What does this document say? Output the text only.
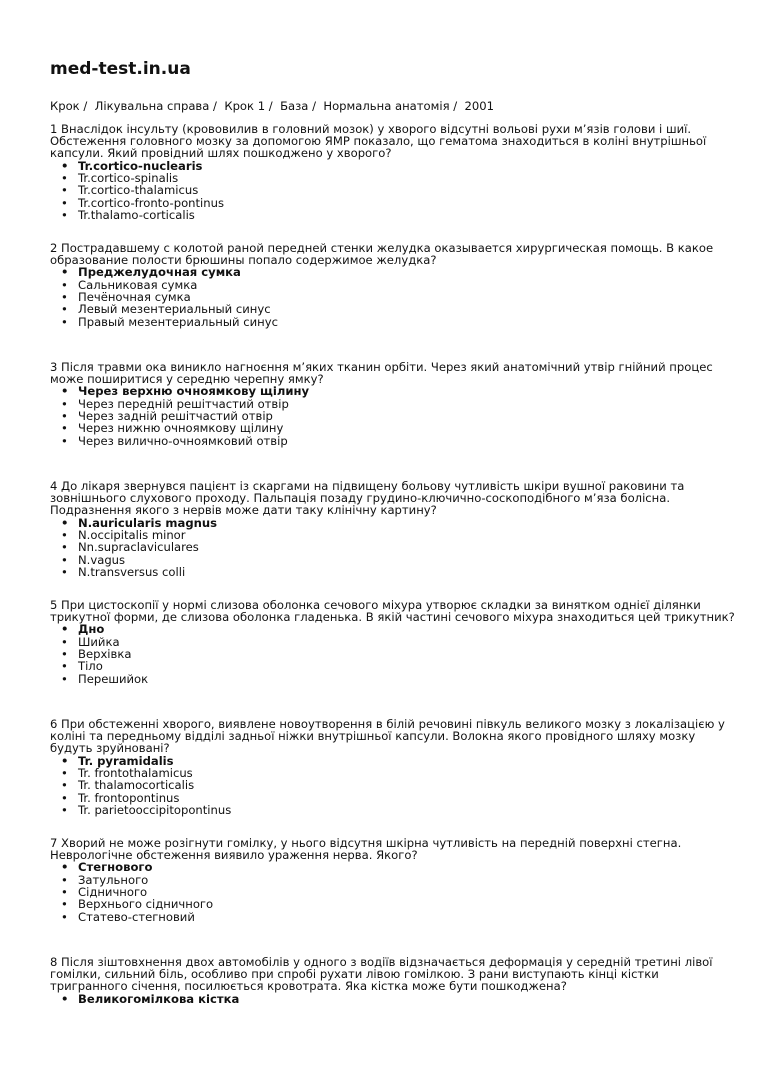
med-test.in.ua
Крок /  Лікувальна справа /  Крок 1 /  База /  Нормальна анатомія /  2001

1 Внаслідок інсульту (крововилив в головний мозок) у хворого відсутні вольові рухи м’язів голови і шиї. Обстеження головного мозку за допомогою ЯМР показало, що гематома знаходиться в коліні внутрішньої капсули. Який провідний шлях пошкоджено у хворого?

• Tr.cortico-nuclearis
• Tr.cortico-spinalis
• Tr.cortico-thalamicus
• Tr.cortico-fronto-pontinus
• Tr.thalamo-corticalis

2 Пострадавшему с колотой раной передней стенки желудка оказывается хирургическая помощь. В какое образование полости брюшины попало содержимое желудка?

• Преджелудочная сумка
• Сальниковая сумка
• Печёночная сумка
• Левый мезентериальный синус
• Правый мезентериальный синус

3 Після травми ока виникло нагноєння м’яких тканин орбіти. Через який анатомічний утвір гнійний процес може поширитися у середню черепну ямку?

• Через верхню очноямкову щілину
• Через передній решітчастий отвір
• Через задній решітчастий отвір
• Через нижню очноямкову щілину
• Через вилично-очноямковий отвір

4 До лікаря звернувся пацієнт із скаргами на підвищену больову чутливість шкіри вушної раковини та зовнішнього слухового проходу. Пальпація позаду грудино-ключично-соскоподібного м’яза болісна. Подразнення якого з нервів може дати таку клінічну картину?

• N.auricularis magnus
• N.occipitalis minor
• Nn.supraclaviculares
• N.vagus
• N.transversus colli

5 При цистоскопії у нормі слизова оболонка сечового міхура утворює складки за винятком однієї ділянки трикутної форми, де слизова оболонка гладенька. В якій частині сечового міхура знаходиться цей трикутник?

• Дно
• Шийка
• Верхівка
• Тіло
• Перешийок

6 При обстеженні хворого, виявлене новоутворення в білій речовині півкуль великого мозку з локалізацією у коліні та передньому відділі задньої ніжки внутрішньої капсули. Волокна якого провідного шляху мозку будуть зруйновані?

• Tr. pyramidalis
• Tr. frontothalamicus
• Tr. thalamocorticalis
• Tr. frontopontinus
• Tr. parietooccipitopontinus

7 Хворий не може розігнути гомілку, у нього відсутня шкірна чутливість на передній поверхні стегна. Неврологічне обстеження виявило ураження нерва. Якого?

• Стегнового
• Затульного
• Сідничного
• Верхнього сідничного
• Статево-стегновий

8 Після зіштовхнення двох автомобілів у одного з водіїв відзначається деформація у середній третині лівої гомілки, сильний біль, особливо при спробі рухати лівою гомілкою. З рани виступають кінці кістки тригранного січення, посилюється кровотрата. Яка кістка може бути пошкоджена?

• Великогомілкова кістка
